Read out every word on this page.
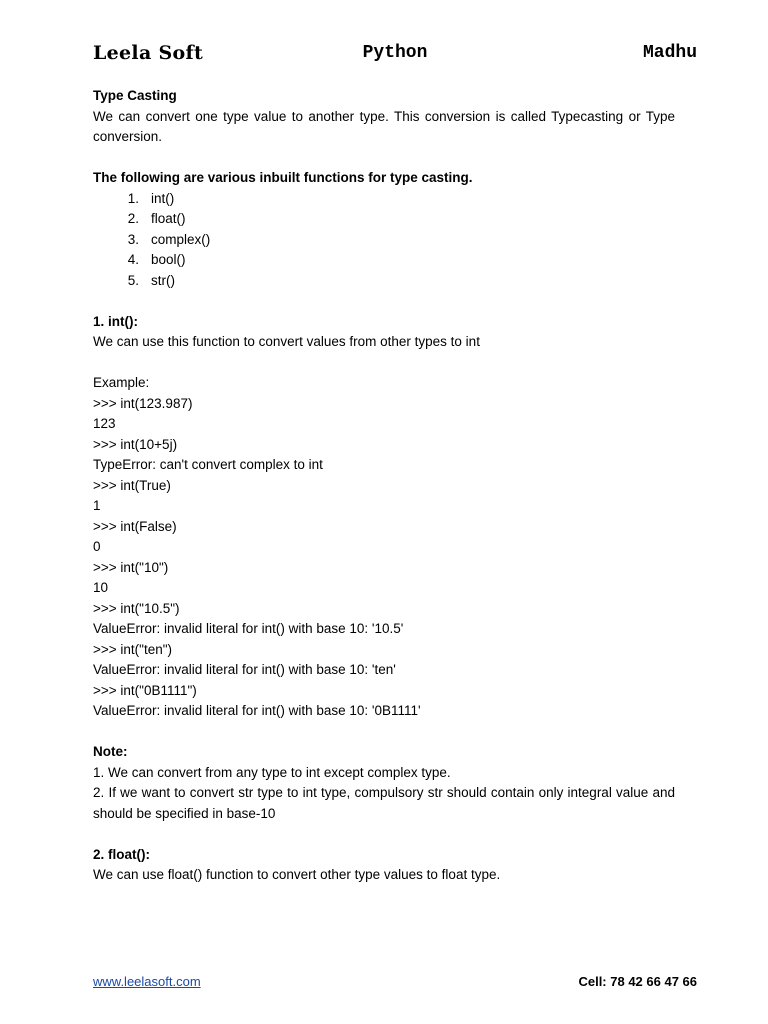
Leela Soft	Python	Madhu

Type Casting

We can convert one type value to another type. This conversion is called Typecasting or Type conversion.

The following are various inbuilt functions for type casting.

1. int()
2. float()
3. complex()
4. bool()
5. str()

1. int():

We can use this function to convert values from other types to int

Example:

>>> int(123.987)

123

>>> int(10+5j)

TypeError: can't convert complex to int

>>> int(True)

1

>>> int(False)

0

>>> int("10")

10

>>> int("10.5")

ValueError: invalid literal for int() with base 10: '10.5'

>>> int("ten")

ValueError: invalid literal for int() with base 10: 'ten'

>>> int("0B1111")

ValueError: invalid literal for int() with base 10: '0B1111'

Note:

1. We can convert from any type to int except complex type.

2. If we want to convert str type to int type, compulsory str should contain only integral value and should be specified in base-10

2. float():

We can use float() function to convert other type values to float type.

www.leelasoft.com	Cell: 78 42 66 47 66
